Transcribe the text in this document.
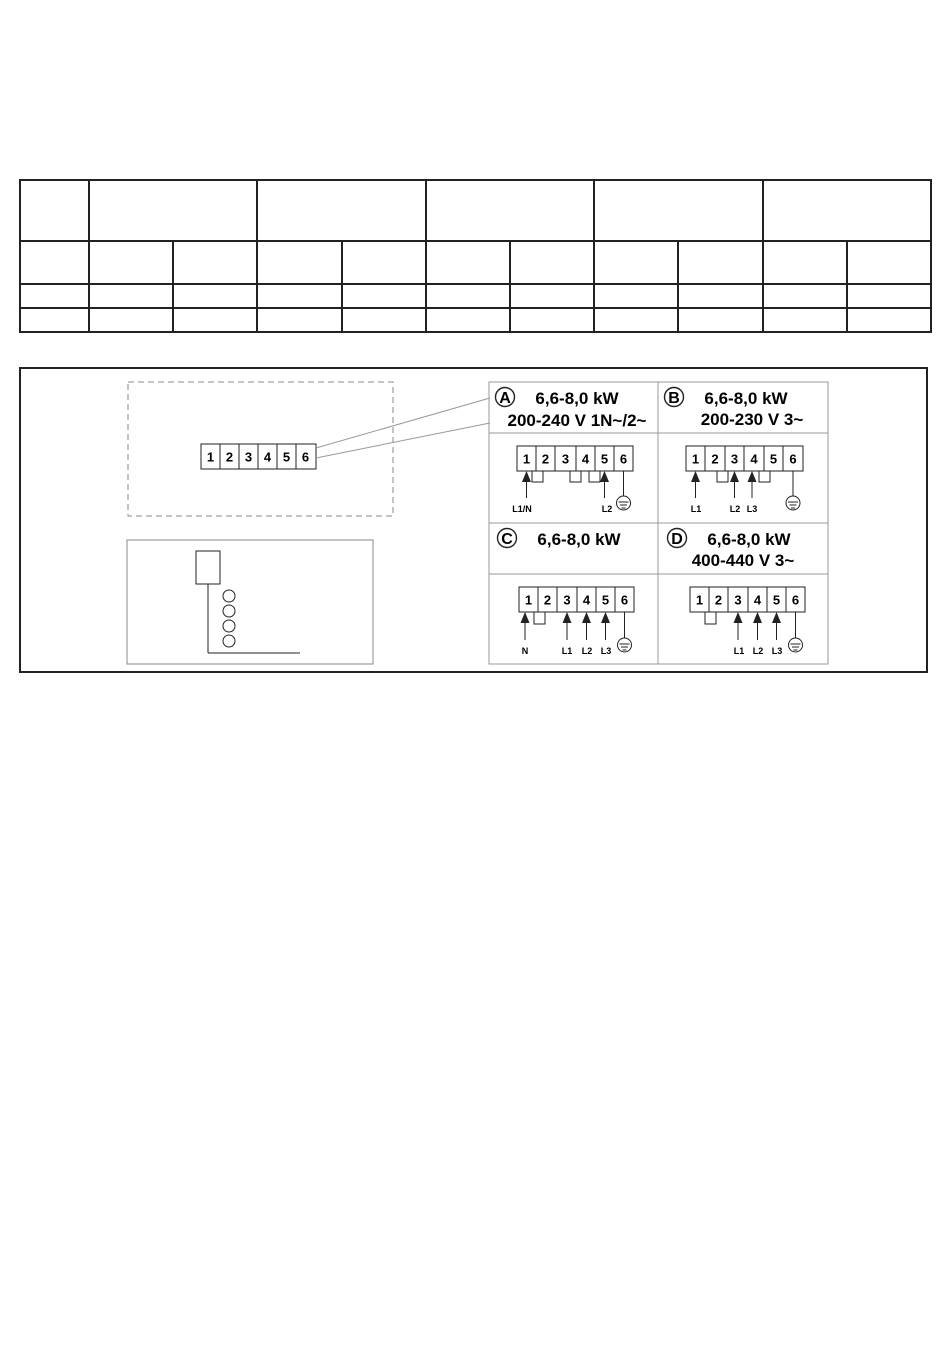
1 2 3 4 5 6
A 6,6-8,0 kW
200-240 V 1N~/2~
1 2 3 4 5 6
L1/N	L2
B 6,6-8,0 kW
200-230 V 3~
1 2 3 4 5 6
L1	L2 L3
C 6,6-8,0 kW
1 2 3 4 5 6
N	L1 L2 L3
D 6,6-8,0 kW
400-440 V 3~
1 2 3 4 5 6
L1 L2 L3
